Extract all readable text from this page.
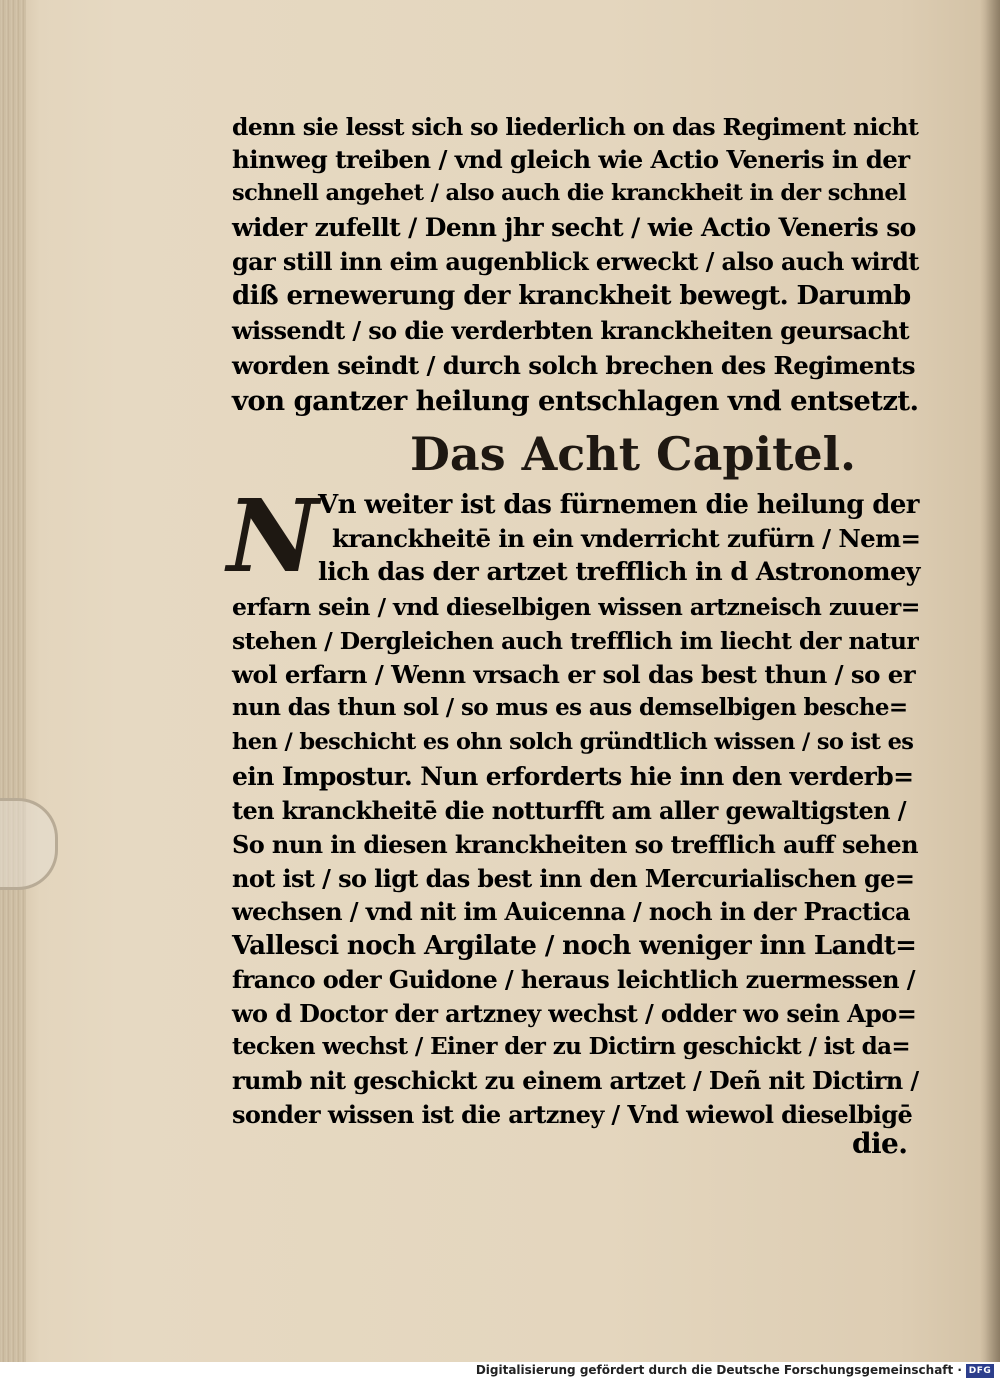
denn sie lesst sich so liederlich on das Regiment nicht
hinweg treiben / vnd gleich wie Actio Veneris in der
schnell angehet / also auch die kranckheit in der schnel
wider zufellt / Denn jhr secht / wie Actio Veneris so
gar still inn eim augenblick erweckt / also auch wirdt
diß ernewerung der kranckheit bewegt. Darumb
wissendt / so die verderbten kranckheiten geursacht
worden seindt / durch solch brechen des Regiments
von gantzer heilung entschlagen vnd entsetzt.
Das Acht Capitel.
N Vn weiter ist das fürnemen die heilung der
kranckheitē in ein vnderricht zufürn / Nem=
lich das der artzet trefflich in d Astronomey
erfarn sein / vnd dieselbigen wissen artzneisch zuuer=
stehen / Dergleichen auch trefflich im liecht der natur
wol erfarn / Wenn vrsach er sol das best thun / so er
nun das thun sol / so mus es aus demselbigen besche=
hen / beschicht es ohn solch gründtlich wissen / so ist es
ein Impostur. Nun erforderts hie inn den verderb=
ten kranckheitē die notturfft am aller gewaltigsten /
So nun in diesen kranckheiten so trefflich auff sehen
not ist / so ligt das best inn den Mercurialischen ge=
wechsen / vnd nit im Auicenna / noch in der Practica
Vallesci noch Argilate / noch weniger inn Landt=
franco oder Guidone / heraus leichtlich zuermessen /
wo d Doctor der artzney wechst / odder wo sein Apo=
tecken wechst / Einer der zu Dictirn geschickt / ist da=
rumb nit geschickt zu einem artzet / Deñ nit Dictirn /
sonder wissen ist die artzney / Vnd wiewol dieselbigē
die.
Digitalisierung gefördert durch die Deutsche Forschungsgemeinschaft · DFG
